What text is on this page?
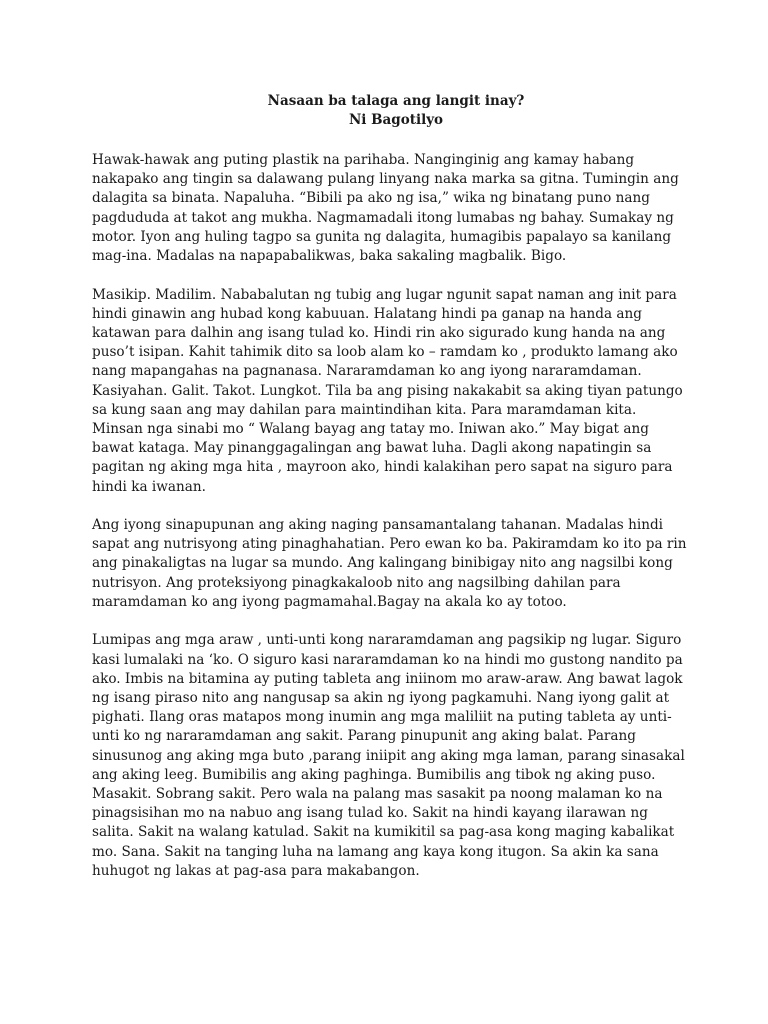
Nasaan ba talaga ang langit inay?
Ni Bagotilyo

Hawak-hawak ang puting plastik na parihaba. Nanginginig ang kamay habang
nakapako ang tingin sa dalawang pulang linyang naka marka sa gitna. Tumingin ang
dalagita sa binata. Napaluha. “Bibili pa ako ng isa,” wika ng binatang puno nang
pagdududa at takot ang mukha. Nagmamadali itong lumabas ng bahay. Sumakay ng
motor. Iyon ang huling tagpo sa gunita ng dalagita, humagibis papalayo sa kanilang
mag-ina. Madalas na napapabalikwas, baka sakaling magbalik. Bigo.

Masikip. Madilim. Nababalutan ng tubig ang lugar ngunit sapat naman ang init para
hindi ginawin ang hubad kong kabuuan. Halatang hindi pa ganap na handa ang
katawan para dalhin ang isang tulad ko. Hindi rin ako sigurado kung handa na ang
puso’t isipan. Kahit tahimik dito sa loob alam ko – ramdam ko , produkto lamang ako
nang mapangahas na pagnanasa. Nararamdaman ko ang iyong nararamdaman.
Kasiyahan. Galit. Takot. Lungkot. Tila ba ang pising nakakabit sa aking tiyan patungo
sa kung saan ang may dahilan para maintindihan kita. Para maramdaman kita.
Minsan nga sinabi mo “ Walang bayag ang tatay mo. Iniwan ako.” May bigat ang
bawat kataga. May pinanggagalingan ang bawat luha. Dagli akong napatingin sa
pagitan ng aking mga hita , mayroon ako, hindi kalakihan pero sapat na siguro para
hindi ka iwanan.

Ang iyong sinapupunan ang aking naging pansamantalang tahanan. Madalas hindi
sapat ang nutrisyong ating pinaghahatian. Pero ewan ko ba. Pakiramdam ko ito pa rin
ang pinakaligtas na lugar sa mundo. Ang kalingang binibigay nito ang nagsilbi kong
nutrisyon. Ang proteksiyong pinagkakaloob nito ang nagsilbing dahilan para
maramdaman ko ang iyong pagmamahal.Bagay na akala ko ay totoo.

Lumipas ang mga araw , unti-unti kong nararamdaman ang pagsikip ng lugar. Siguro
kasi lumalaki na ‘ko. O siguro kasi nararamdaman ko na hindi mo gustong nandito pa
ako. Imbis na bitamina ay puting tableta ang iniinom mo araw-araw. Ang bawat lagok
ng isang piraso nito ang nangusap sa akin ng iyong pagkamuhi. Nang iyong galit at
pighati. Ilang oras matapos mong inumin ang mga maliliit na puting tableta ay unti-
unti ko ng nararamdaman ang sakit. Parang pinupunit ang aking balat. Parang
sinusunog ang aking mga buto ,parang iniipit ang aking mga laman, parang sinasakal
ang aking leeg. Bumibilis ang aking paghinga. Bumibilis ang tibok ng aking puso.
Masakit. Sobrang sakit. Pero wala na palang mas sasakit pa noong malaman ko na
pinagsisihan mo na nabuo ang isang tulad ko. Sakit na hindi kayang ilarawan ng
salita. Sakit na walang katulad. Sakit na kumikitil sa pag-asa kong maging kabalikat
mo. Sana. Sakit na tanging luha na lamang ang kaya kong itugon. Sa akin ka sana
huhugot ng lakas at pag-asa para makabangon.
